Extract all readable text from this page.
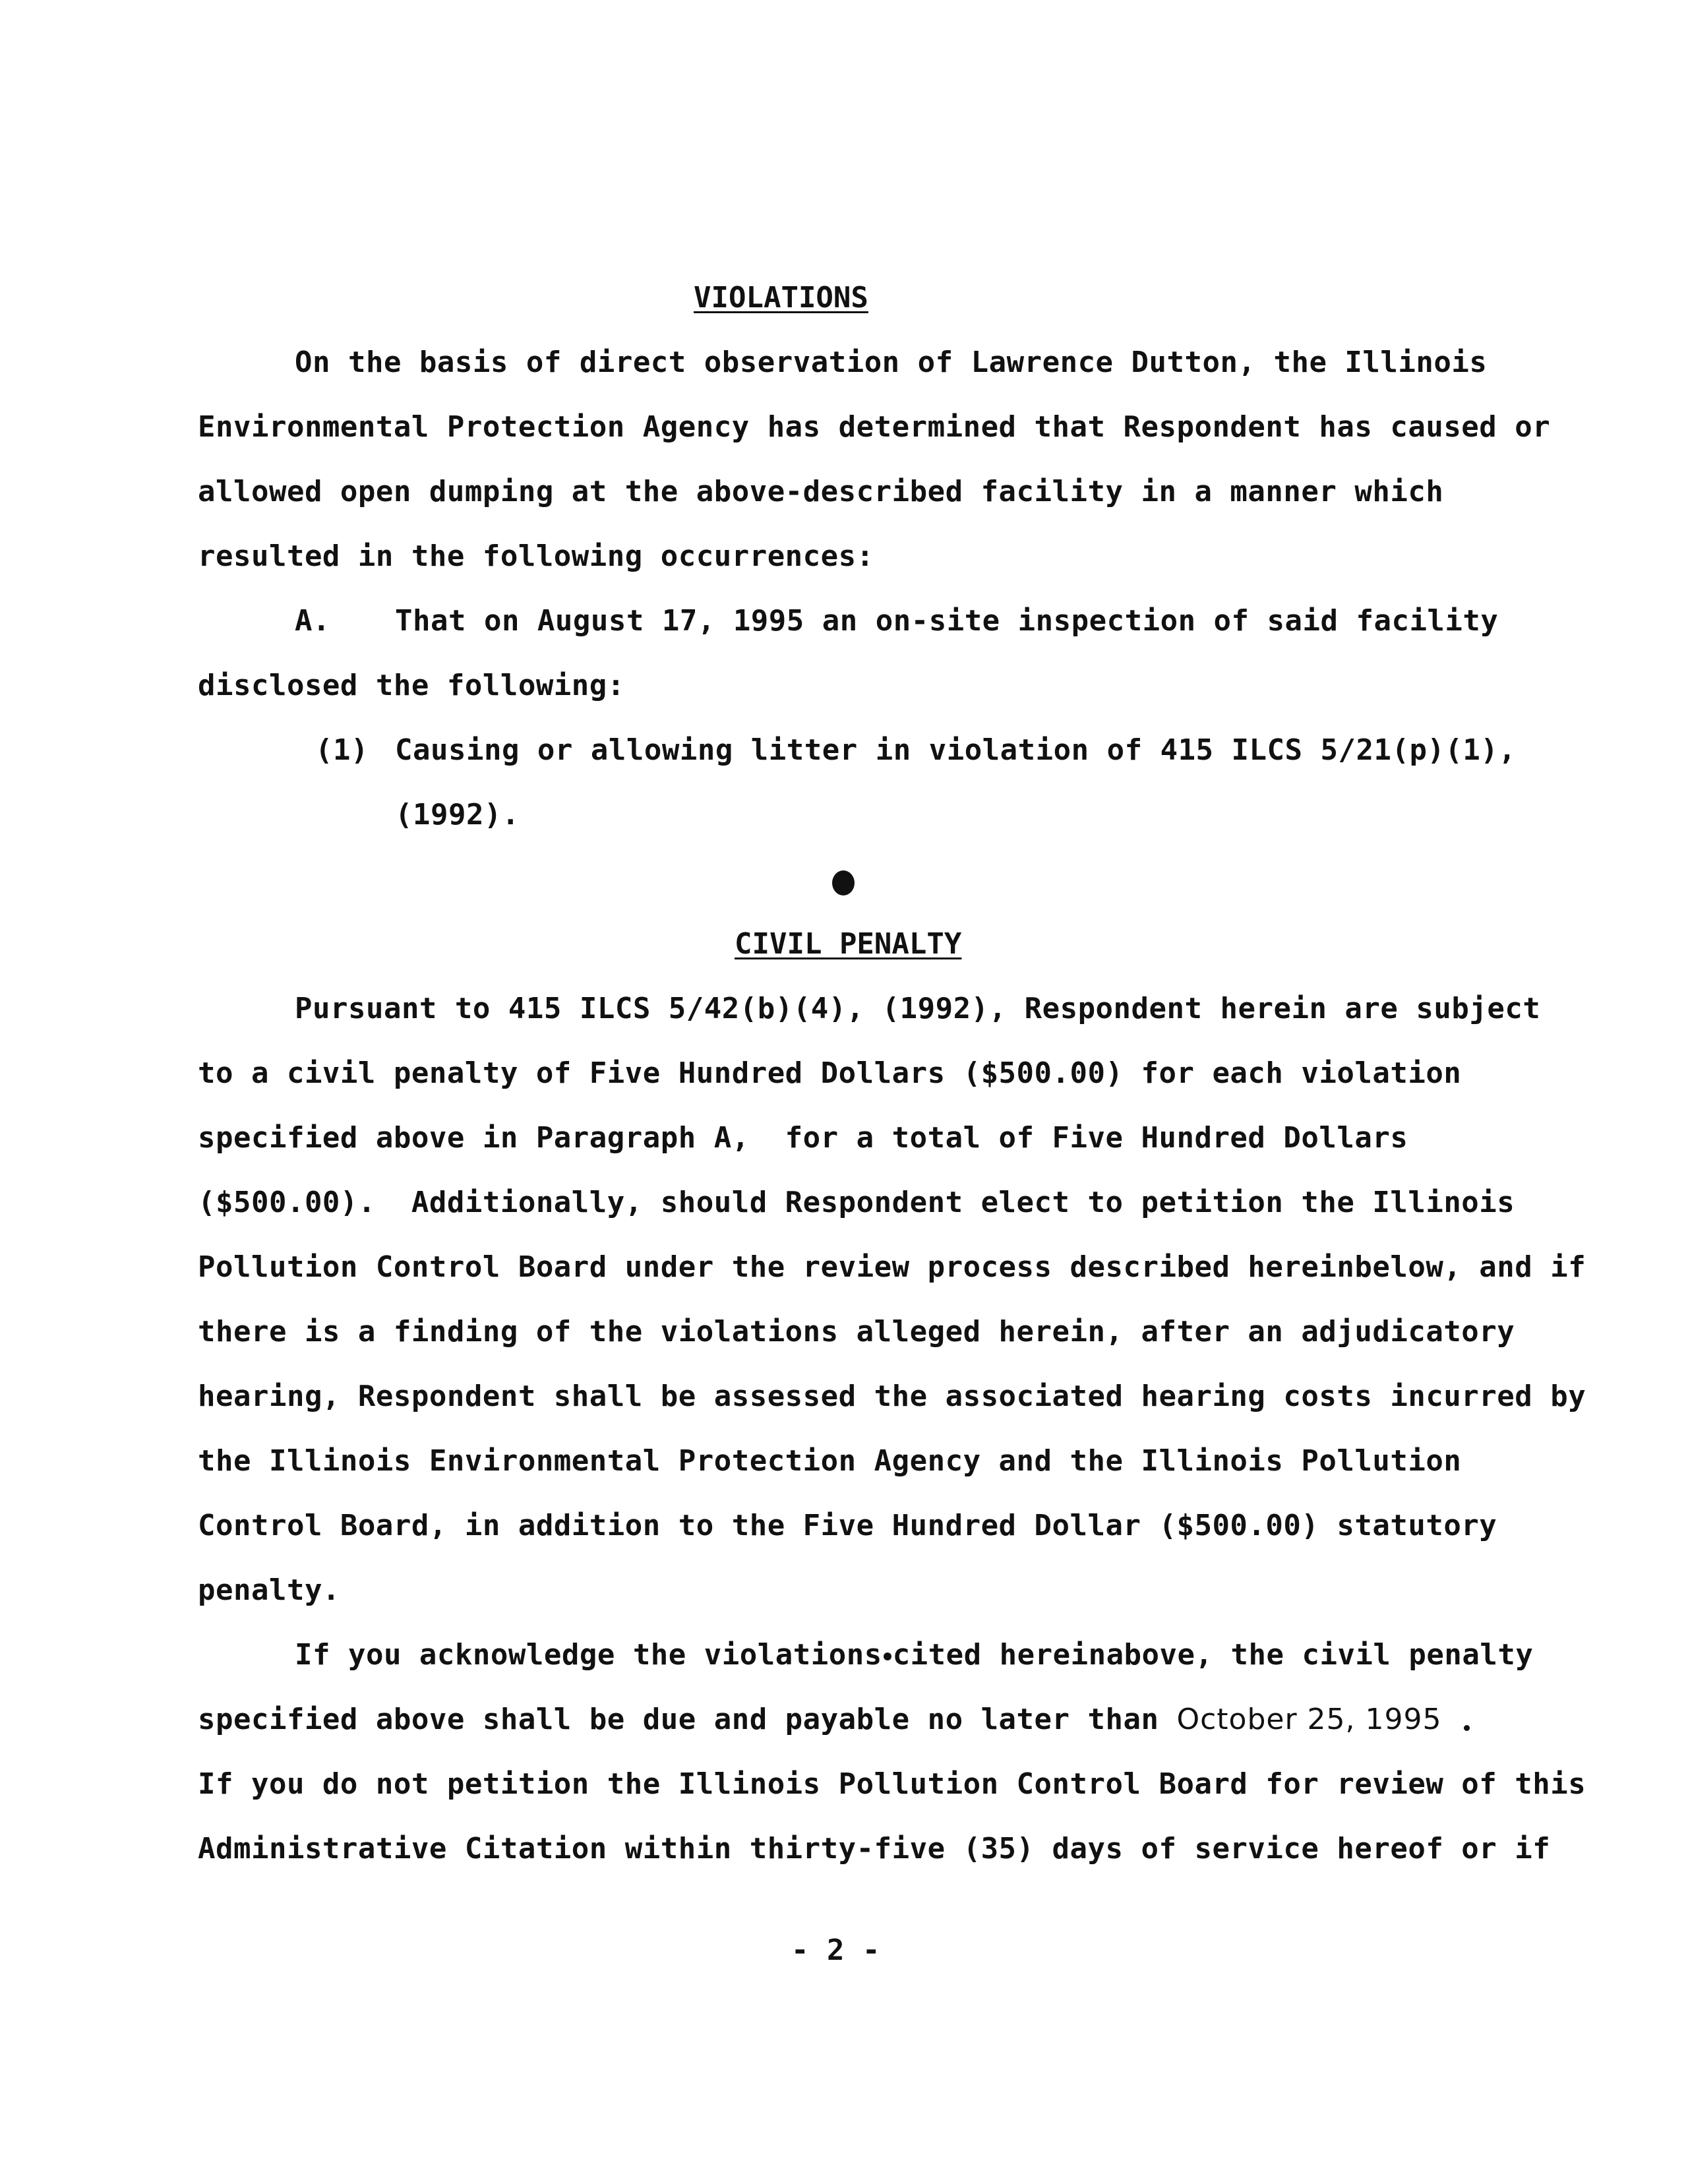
VIOLATIONS
On the basis of direct observation of Lawrence Dutton, the Illinois
Environmental Protection Agency has determined that Respondent has caused or
allowed open dumping at the above-described facility in a manner which
resulted in the following occurrences:
A. That on August 17, 1995 an on-site inspection of said facility
disclosed the following:
(1) Causing or allowing litter in violation of 415 ILCS 5/21(p)(1),
(1992).
CIVIL PENALTY
Pursuant to 415 ILCS 5/42(b)(4), (1992), Respondent herein are subject
to a civil penalty of Five Hundred Dollars ($500.00) for each violation
specified above in Paragraph A,  for a total of Five Hundred Dollars
($500.00).  Additionally, should Respondent elect to petition the Illinois
Pollution Control Board under the review process described hereinbelow, and if
there is a finding of the violations alleged herein, after an adjudicatory
hearing, Respondent shall be assessed the associated hearing costs incurred by
the Illinois Environmental Protection Agency and the Illinois Pollution
Control Board, in addition to the Five Hundred Dollar ($500.00) statutory
penalty.
If you acknowledge the violations cited hereinabove, the civil penalty
specified above shall be due and payable no later than October 25, 1995
If you do not petition the Illinois Pollution Control Board for review of this
Administrative Citation within thirty-five (35) days of service hereof or if
- 2 -
